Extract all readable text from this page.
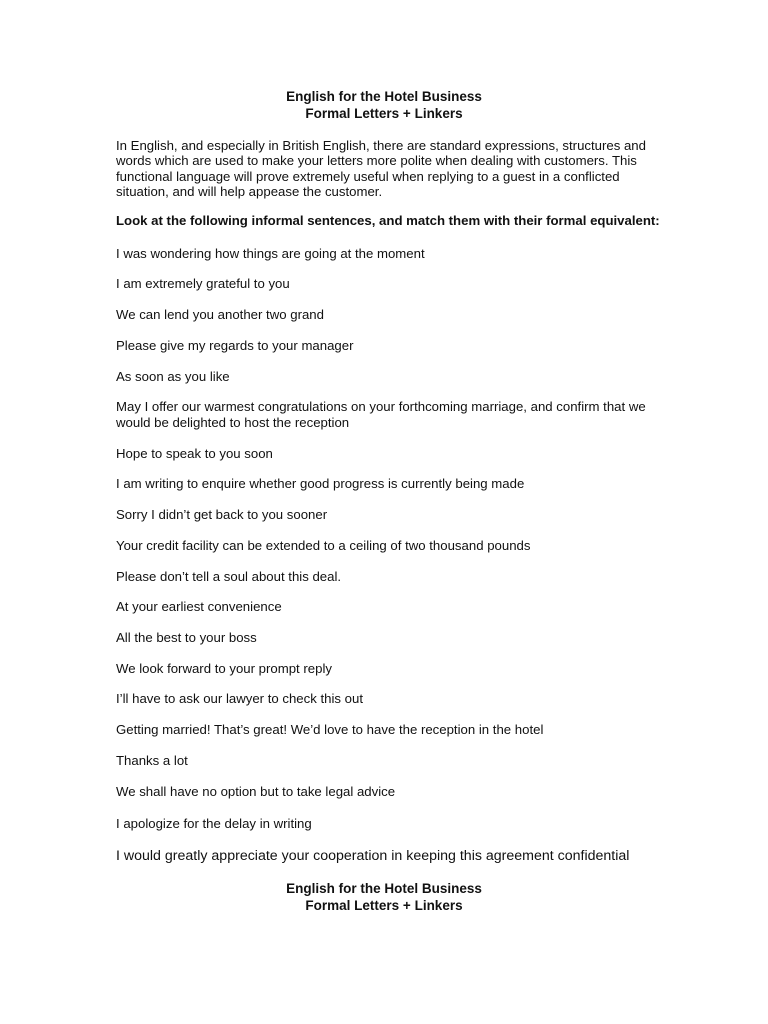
English for the Hotel Business
Formal Letters + Linkers
In English, and especially in British English, there are standard expressions, structures and words which are used to make your letters more polite when dealing with customers. This functional language will prove extremely useful when replying to a guest in a conflicted situation, and will help appease the customer.
Look at the following informal sentences, and match them with their formal equivalent:
I was wondering how things are going at the moment
I am extremely grateful to you
We can lend you another two grand
Please give my regards to your manager
As soon as you like
May I offer our warmest congratulations on your forthcoming marriage, and confirm that we would be delighted to host the reception
Hope to speak to you soon
I am writing to enquire whether good progress is currently being made
Sorry I didn’t get back to you sooner
Your credit facility can be extended to a ceiling of two thousand pounds
Please don’t tell a soul about this deal.
At your earliest convenience
All the best to your boss
We look forward to your prompt reply
I’ll have to ask our lawyer to check this out
Getting married! That’s great! We’d love to have the reception in the hotel
Thanks a lot
We shall have no option but to take legal advice
I apologize for the delay in writing
I would greatly appreciate your cooperation in keeping this agreement confidential
English for the Hotel Business
Formal Letters + Linkers
